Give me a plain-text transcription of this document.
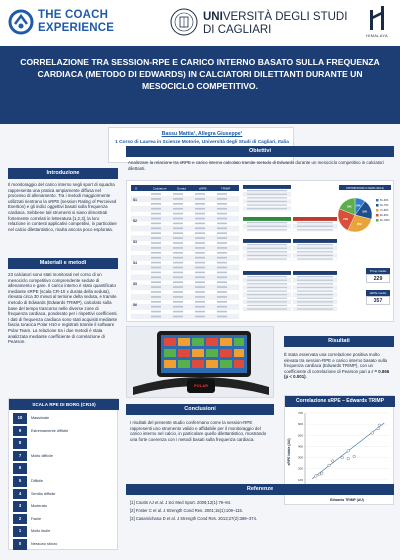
THE COACH
EXPERIENCE
UNIVERSITÀ DEGLI STUDI
DI CAGLIARI	HIMALAYA
CORRELAZIONE TRA SESSION-RPE E CARICO INTERNO BASATO SULLA FREQUENZA CARDIACA (METODO DI EDWARDS) IN CALCIATORI DILETTANTI DURANTE UN MESOCICLO COMPETITIVO.
Bassu Mattia¹, Allegra Giuseppe¹
1 Corso di Laurea in Scienze Motorie, Università degli Studi di Cagliari, Italia
Introduzione
Il monitoraggio del carico interno negli sport di squadra rappresenta una pratica ampiamente diffusa nel processo di allenamento. Tra i metodi maggiormente utilizzati rientrano la sRPE (session Rating of Perceived Exertion) e gli indici oggettivi basati sulla frequenza cardiaca. Sebbene tali strumenti si siano dimostrati fortemente correlati in letteratura [1,2,3], la loro relazione in contesti applicativi competitivi, in particolare nel calcio dilettantistico, risulta ancora poco esplorata.
Materiali e metodi
23 calciatori sono stati monitorati nel corso di un mesociclo competitivo comprendente sedute di allenamento e gare. Il carico interno è stato quantificato mediante sRPE (scala CR-10 x durata della seduta), rilevata circa 30 minuti al termine della seduta, e tramite metodo di Edwards (Edwards TRIMP), calcolato sulla base del tempo trascorso nelle diverse zone di frequenza cardiaca, ponderato per i rispettivi coefficienti. I dati di frequenza cardiaca sono stati acquisiti mediante fascia toracica Polar H10 e registrati tramite il software Polar Team. La relazione tra i due metodi è stata analizzata mediante coefficiente di correlazione di Pearson.
SCALA RPE DI BORG (CR10)
10	Massimale
9	Estremamente difficile
8
7	Molto difficile
6
5	Difficile
4	Sentito difficile
3	Moderato
2	Facile
1	Molto facile
0	Nessuno sforzo
Obiettivi
Analizzare la relazione tra sRPE e carico interno calcolato tramite metodo di Edwards durante un mesociclo competitivo in calciatori dilettanti.
G	Calciatore	Durata	sRPE	TRIMP
S1
S2
S3
S4
S5
S6
DISTRIBUZIONE FC MEDIA (Minuti)
10%
50–60%
19%
60–70%
28%
70–80%
24%
80–90%
19%
90–100%
Trimp medio
229
sRPE medio
357
POLAR
Conclusioni
I risultati del presente studio confermano come la session-RPE rappresenti uno strumento valido e affidabile per il monitoraggio del carico interno nel calcio, in particolare quello dilettantistico, mostrando una forte coerenza con i metodi basati sulla frequenza cardiaca.
Risultati
È stata osservata una correlazione positiva molto elevata tra session-RPE e carico interno basato sulla frequenza cardiaca (Edwards TRIMP), con un coefficiente di correlazione di Pearson pari a r = 0.866 (p < 0.001).
Correlazione sRPE – Edwards TRIMP
100
200
300
400
500
600
700
Edwards TRIMP (AU)
sRPE totale (AU)
Referenze
[1] Coutts AJ et al. J Sci Med Sport. 2009;12(1):79–84.
[2] Foster C et al. J Strength Cond Res. 2001;15(1):109–115.
[3] Casamichana D et al. J Strength Cond Res. 2013;27(2):369–374.
